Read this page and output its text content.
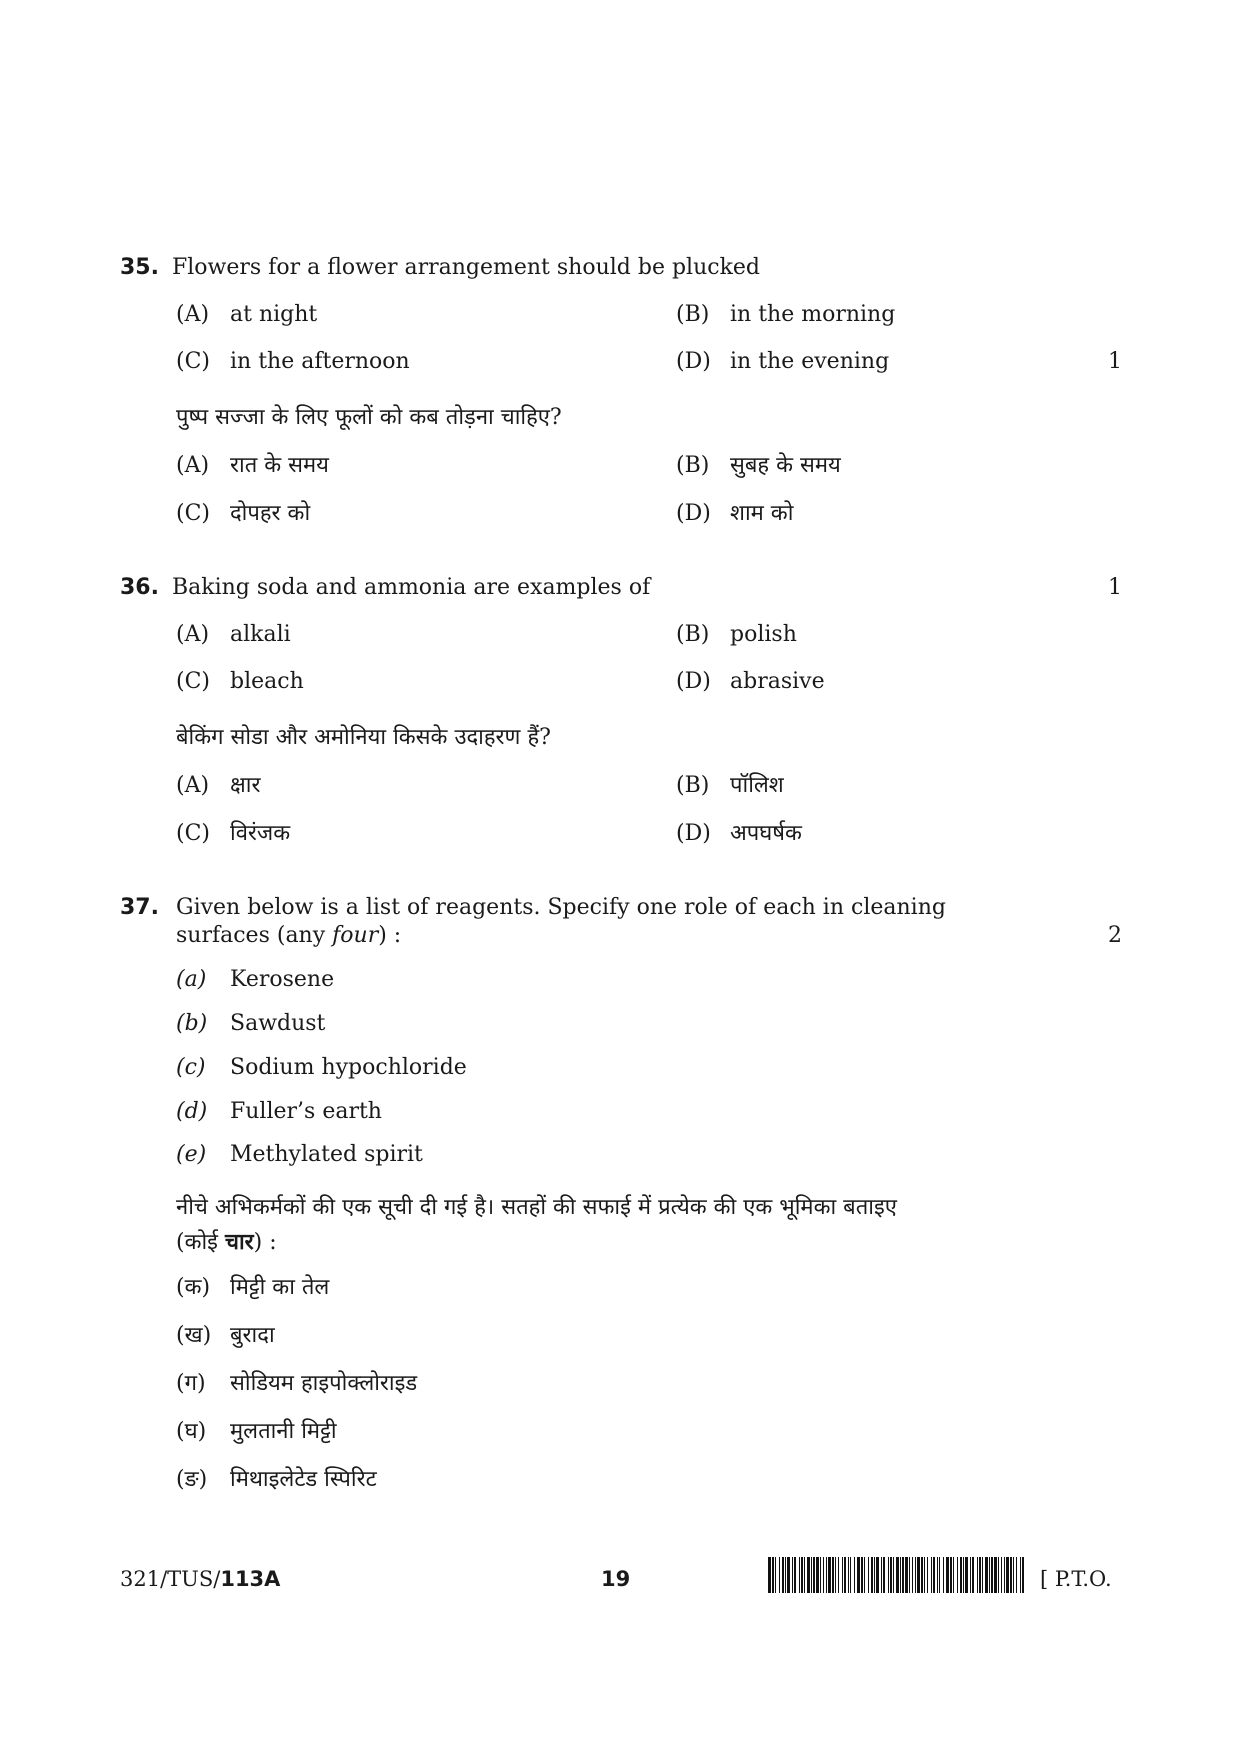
35. Flowers for a flower arrangement should be plucked
(A) at night	(B) in the morning
(C) in the afternoon	(D) in the evening	1
पुष्प सज्जा के लिए फूलों को कब तोड़ना चाहिए?
(A) रात के समय	(B) सुबह के समय
(C) दोपहर को	(D) शाम को
36. Baking soda and ammonia are examples of	1
(A) alkali	(B) polish
(C) bleach	(D) abrasive
बेकिंग सोडा और अमोनिया किसके उदाहरण हैं?
(A) क्षार	(B) पॉलिश
(C) विरंजक	(D) अपघर्षक
37. Given below is a list of reagents. Specify one role of each in cleaning
surfaces (any four) :	2
(a) Kerosene
(b) Sawdust
(c) Sodium hypochloride
(d) Fuller’s earth
(e) Methylated spirit
नीचे अभिकर्मकों की एक सूची दी गई है। सतहों की सफाई में प्रत्येक की एक भूमिका बताइए
(कोई चार) :
(क) मिट्टी का तेल
(ख) बुरादा
(ग) सोडियम हाइपोक्लोराइड
(घ) मुलतानी मिट्टी
(ङ) मिथाइलेटेड स्पिरिट
321/TUS/113A	19	[ P.T.O.
